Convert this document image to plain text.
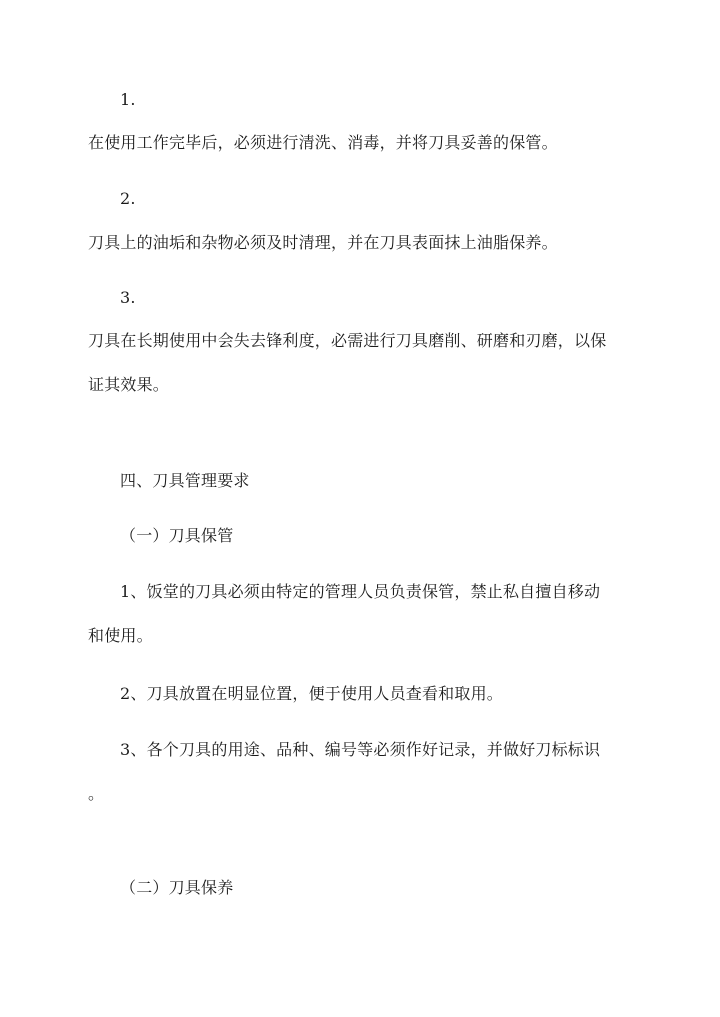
1.
在使用工作完毕后，必须进行清洗、消毒，并将刀具妥善的保管。
2.
刀具上的油垢和杂物必须及时清理，并在刀具表面抹上油脂保养。
3.
刀具在长期使用中会失去锋利度，必需进行刀具磨削、研磨和刃磨，以保
证其效果。
四、刀具管理要求
（一）刀具保管
1、饭堂的刀具必须由特定的管理人员负责保管，禁止私自擅自移动
和使用。
2、刀具放置在明显位置，便于使用人员查看和取用。
3、各个刀具的用途、品种、编号等必须作好记录，并做好刀标标识
。
（二）刀具保养
